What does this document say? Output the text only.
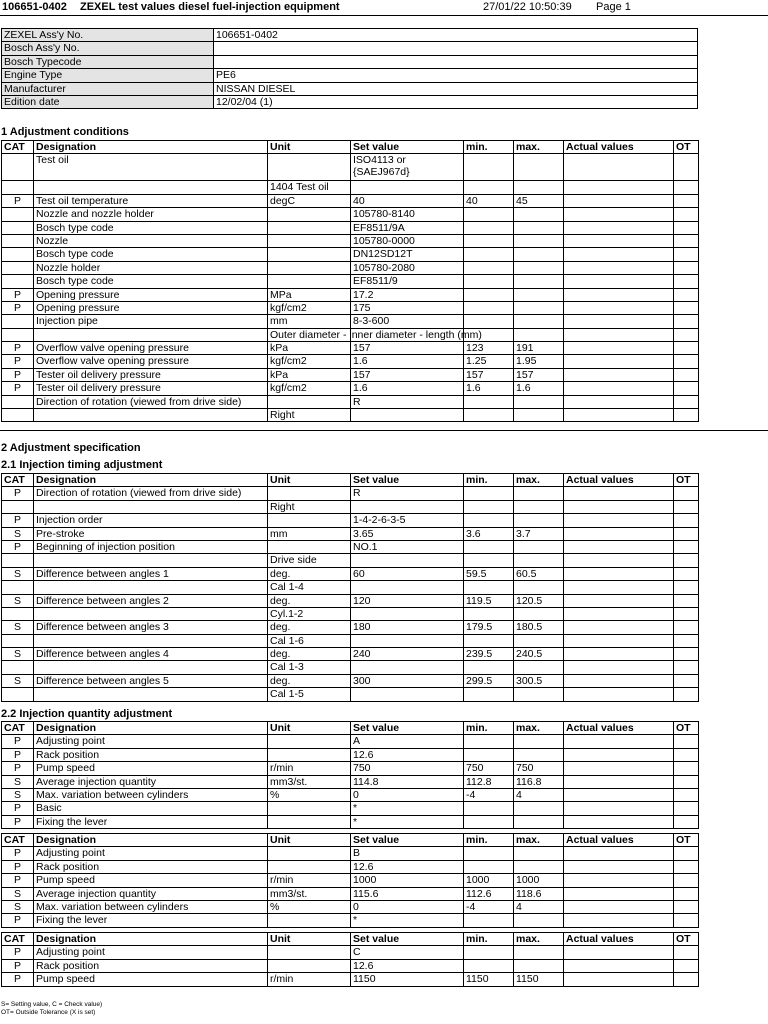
106651-0402 ZEXEL test values diesel fuel-injection equipment	27/01/22 10:50:39 Page 1
ZEXEL Ass'y No.	106651-0402
Bosch Ass'y No.	
Bosch Typecode	
Engine Type	PE6
Manufacturer	NISSAN DIESEL
Edition date	12/02/04 (1)
1 Adjustment conditions
CAT	Designation	Unit	Set value	min.	max.	Actual values	OT
	Test oil		ISO4113 or {SAEJ967d}				
		1404 Test oil					
P	Test oil temperature	degC	40	40	45		
	Nozzle and nozzle holder		105780-8140				
	Bosch type code		EF8511/9A				
	Nozzle		105780-0000				
	Bosch type code		DN12SD12T				
	Nozzle holder		105780-2080				
	Bosch type code		EF8511/9				
P	Opening pressure	MPa	17.2				
P	Opening pressure	kgf/cm2	175				
	Injection pipe	mm	8-3-600				
		Outer diameter - inner diameter - length (mm)					
P	Overflow valve opening pressure	kPa	157	123	191		
P	Overflow valve opening pressure	kgf/cm2	1.6	1.25	1.95		
P	Tester oil delivery pressure	kPa	157	157	157		
P	Tester oil delivery pressure	kgf/cm2	1.6	1.6	1.6		
	Direction of rotation (viewed from drive side)		R				
		Right					
2 Adjustment specification
2.1 Injection timing adjustment
CAT	Designation	Unit	Set value	min.	max.	Actual values	OT
P	Direction of rotation (viewed from drive side)		R				
		Right					
P	Injection order		1-4-2-6-3-5				
S	Pre-stroke	mm	3.65	3.6	3.7		
P	Beginning of injection position		NO.1				
		Drive side					
S	Difference between angles 1	deg.	60	59.5	60.5		
		Cal 1-4					
S	Difference between angles 2	deg.	120	119.5	120.5		
		Cyl.1-2					
S	Difference between angles 3	deg.	180	179.5	180.5		
		Cal 1-6					
S	Difference between angles 4	deg.	240	239.5	240.5		
		Cal 1-3					
S	Difference between angles 5	deg.	300	299.5	300.5		
		Cal 1-5					
2.2 Injection quantity adjustment
CAT	Designation	Unit	Set value	min.	max.	Actual values	OT
P	Adjusting point		A				
P	Rack position		12.6				
P	Pump speed	r/min	750	750	750		
S	Average injection quantity	mm3/st.	114.8	112.8	116.8		
S	Max. variation between cylinders	%	0	-4	4		
P	Basic		*				
P	Fixing the lever		*				
CAT	Designation	Unit	Set value	min.	max.	Actual values	OT
P	Adjusting point		B				
P	Rack position		12.6				
P	Pump speed	r/min	1000	1000	1000		
S	Average injection quantity	mm3/st.	115.6	112.6	118.6		
S	Max. variation between cylinders	%	0	-4	4		
P	Fixing the lever		*				
CAT	Designation	Unit	Set value	min.	max.	Actual values	OT
P	Adjusting point		C				
P	Rack position		12.6				
P	Pump speed	r/min	1150	1150	1150		
S= Setting value, C = Check value)
OT= Outside Tolerance (X is set)
